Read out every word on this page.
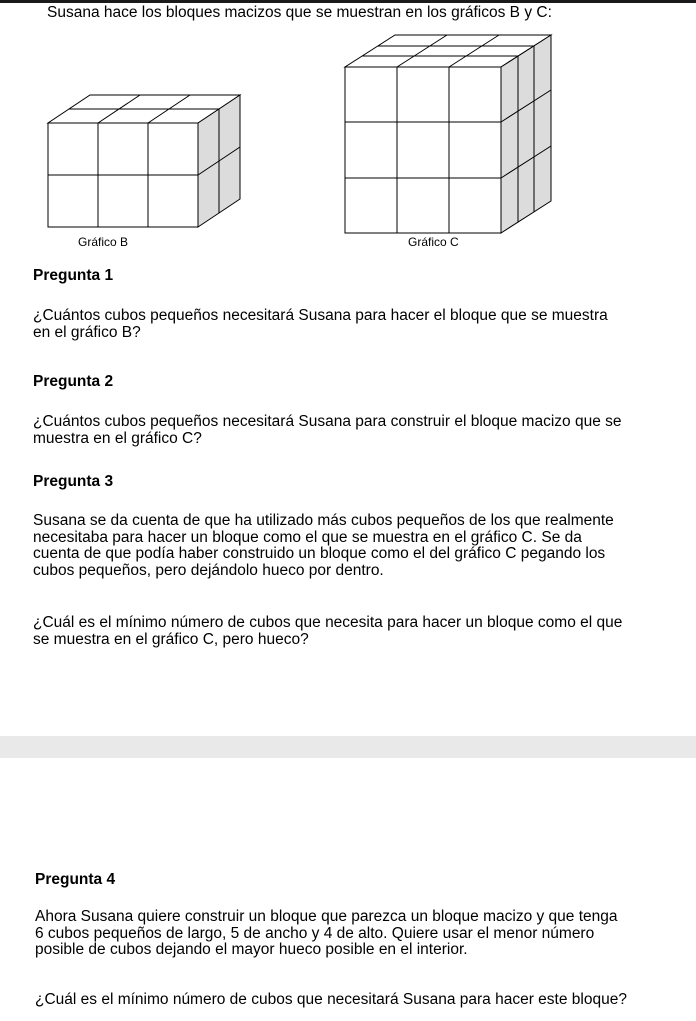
Susana hace los bloques macizos que se muestran en los gráficos B y C:
Gráfico B	Gráfico C
Pregunta 1
¿Cuántos cubos pequeños necesitará Susana para hacer el bloque que se muestra
en el gráfico B?
Pregunta 2
¿Cuántos cubos pequeños necesitará Susana para construir el bloque macizo que se
muestra en el gráfico C?
Pregunta 3
Susana se da cuenta de que ha utilizado más cubos pequeños de los que realmente
necesitaba para hacer un bloque como el que se muestra en el gráfico C. Se da
cuenta de que podía haber construido un bloque como el del gráfico C pegando los
cubos pequeños, pero dejándolo hueco por dentro.
¿Cuál es el mínimo número de cubos que necesita para hacer un bloque como el que
se muestra en el gráfico C, pero hueco?
Pregunta 4
Ahora Susana quiere construir un bloque que parezca un bloque macizo y que tenga
6 cubos pequeños de largo, 5 de ancho y 4 de alto. Quiere usar el menor número
posible de cubos dejando el mayor hueco posible en el interior.
¿Cuál es el mínimo número de cubos que necesitará Susana para hacer este bloque?
